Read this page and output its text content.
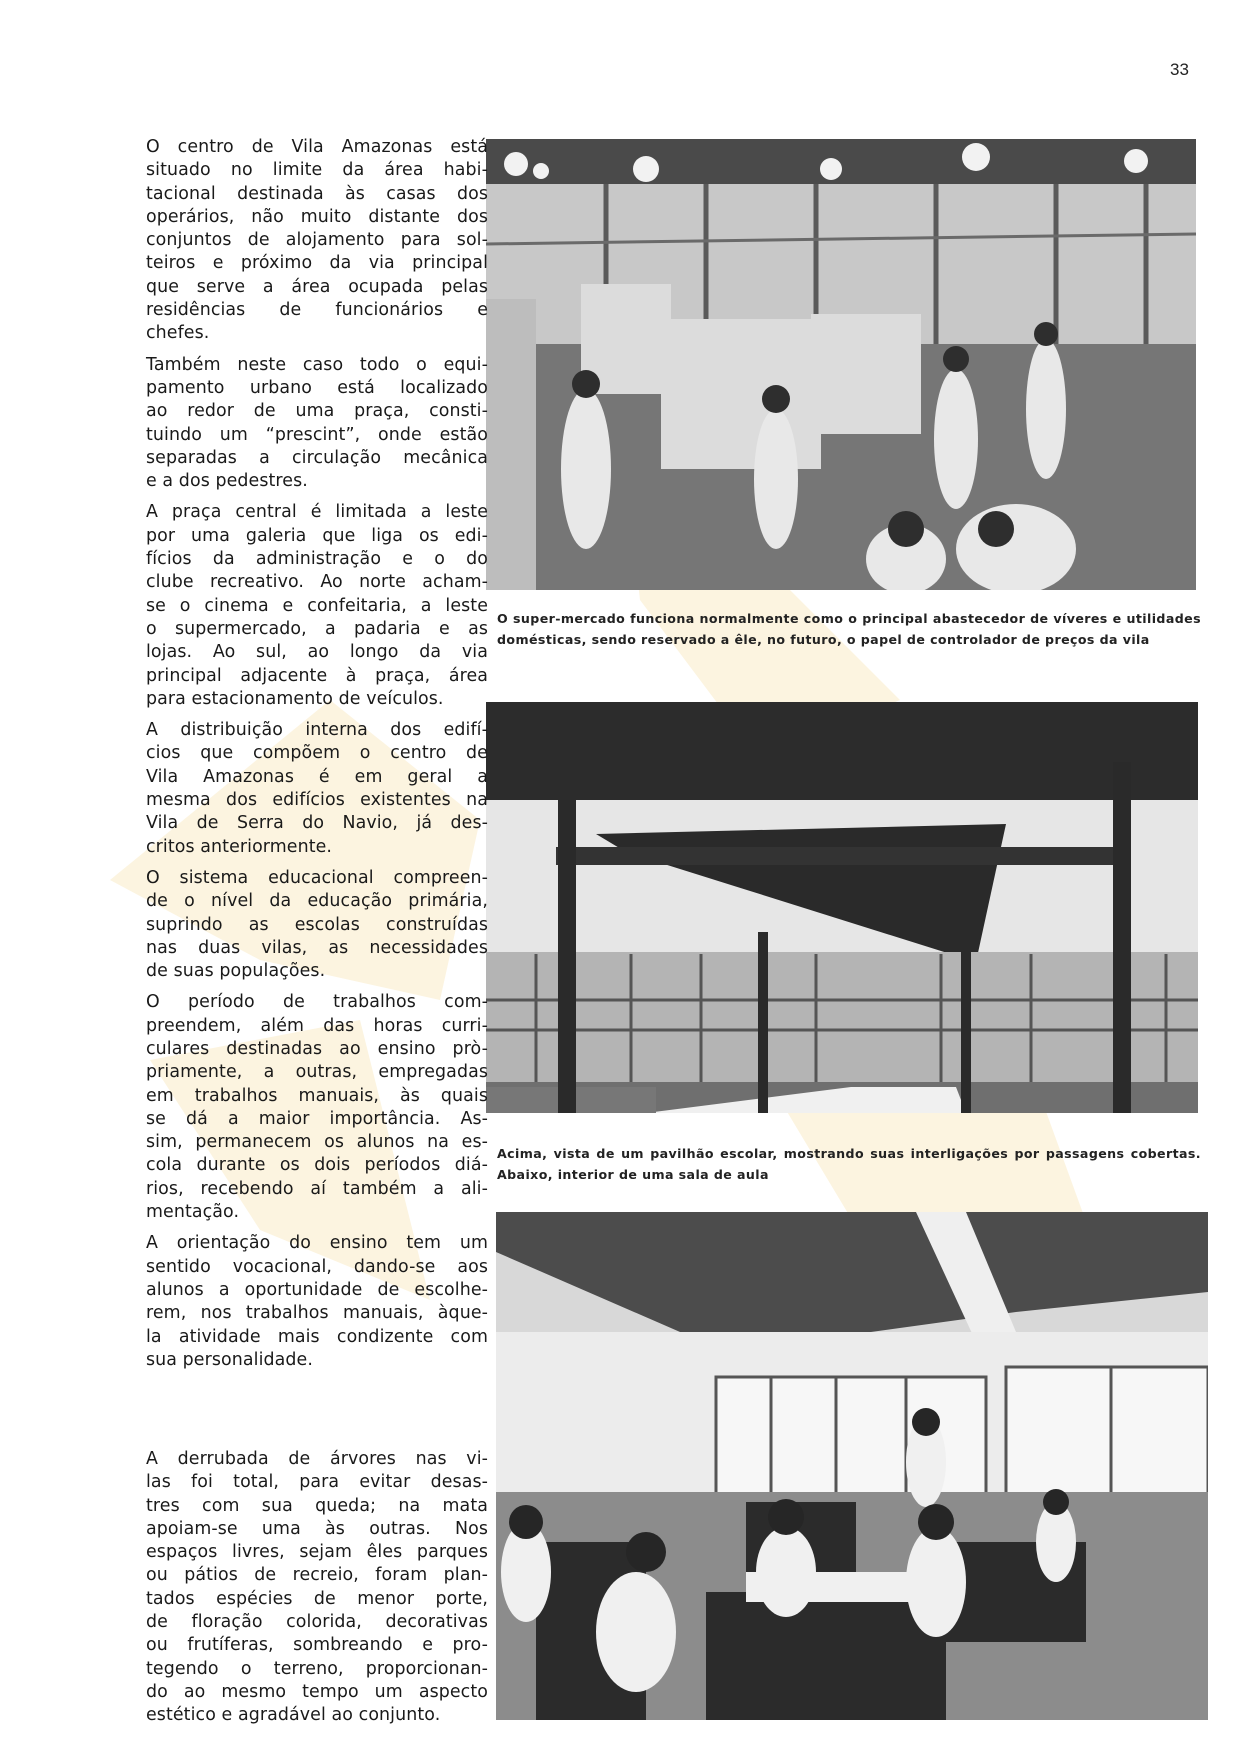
33

O centro de Vila Amazonas está
situado no limite da área habi-
tacional destinada às casas dos
operários, não muito distante dos
conjuntos de alojamento para sol-
teiros e próximo da via principal
que serve a área ocupada pelas
residências de funcionários e
chefes.

Também neste caso todo o equi-
pamento urbano está localizado
ao redor de uma praça, consti-
tuindo um “prescint”, onde estão
separadas a circulação mecânica
e a dos pedestres.

A praça central é limitada a leste
por uma galeria que liga os edi-
fícios da administração e o do
clube recreativo. Ao norte acham-
se o cinema e confeitaria, a leste
o supermercado, a padaria e as
lojas. Ao sul, ao longo da via
principal adjacente à praça, área
para estacionamento de veículos.

A distribuição interna dos edifí-
cios que compõem o centro de
Vila Amazonas é em geral a
mesma dos edifícios existentes na
Vila de Serra do Navio, já des-
critos anteriormente.

O sistema educacional compreen-
de o nível da educação primária,
suprindo as escolas construídas
nas duas vilas, as necessidades
de suas populações.

O período de trabalhos com-
preendem, além das horas curri-
culares destinadas ao ensino prò-
priamente, a outras, empregadas
em trabalhos manuais, às quais
se dá a maior importância. As-
sim, permanecem os alunos na es-
cola durante os dois períodos diá-
rios, recebendo aí também a ali-
mentação.

A orientação do ensino tem um
sentido vocacional, dando-se aos
alunos a oportunidade de escolhe-
rem, nos trabalhos manuais, àque-
la atividade mais condizente com
sua personalidade.

A derrubada de árvores nas vi-
las foi total, para evitar desas-
tres com sua queda; na mata
apoiam-se uma às outras. Nos
espaços livres, sejam êles parques
ou pátios de recreio, foram plan-
tados espécies de menor porte,
de floração colorida, decorativas
ou frutíferas, sombreando e pro-
tegendo o terreno, proporcionan-
do ao mesmo tempo um aspecto
estético e agradável ao conjunto.

O super-mercado funciona normalmente como o principal abastecedor de víveres e utilidades
domésticas, sendo reservado a êle, no futuro, o papel de controlador de preços da vila
Acima, vista de um pavilhão escolar, mostrando suas interligações por passagens cobertas.
Abaixo, interior de uma sala de aula
